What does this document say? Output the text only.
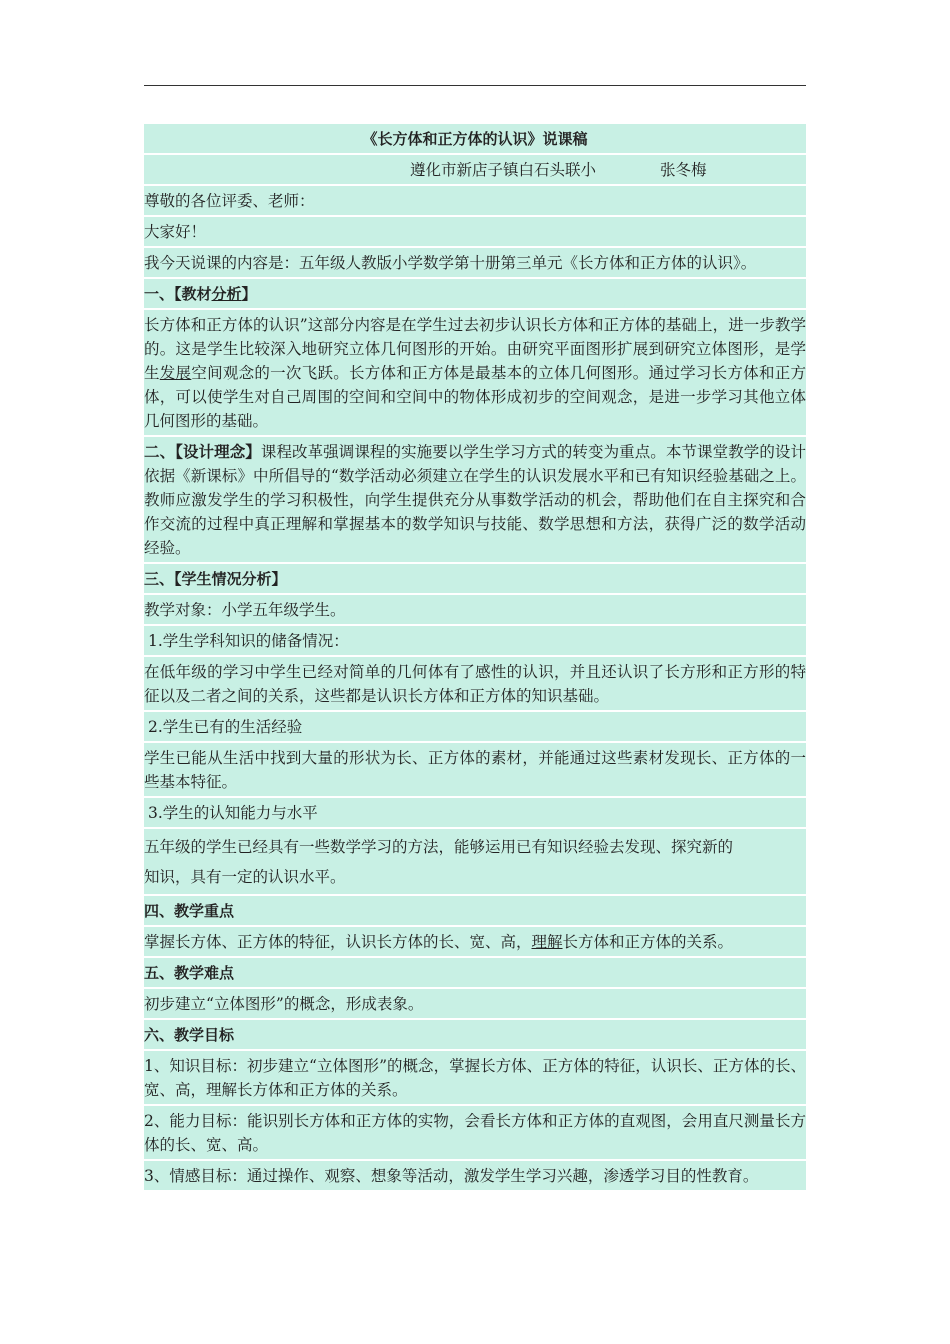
《长方体和正方体的认识》说课稿
遵化市新店子镇白石头联小	张冬梅
尊敬的各位评委、老师：
大家好！
我今天说课的内容是：五年级人教版小学数学第十册第三单元《长方体和正方体的认识》。
一、【教材分析】
长方体和正方体的认识”这部分内容是在学生过去初步认识长方体和正方体的基础上，进一步教学的。这是学生比较深入地研究立体几何图形的开始。由研究平面图形扩展到研究立体图形，是学生发展空间观念的一次飞跃。长方体和正方体是最基本的立体几何图形。通过学习长方体和正方体，可以使学生对自己周围的空间和空间中的物体形成初步的空间观念，是进一步学习其他立体几何图形的基础。
二、【设计理念】课程改革强调课程的实施要以学生学习方式的转变为重点。本节课堂教学的设计依据《新课标》中所倡导的“数学活动必须建立在学生的认识发展水平和已有知识经验基础之上。教师应激发学生的学习积极性，向学生提供充分从事数学活动的机会，帮助他们在自主探究和合作交流的过程中真正理解和掌握基本的数学知识与技能、数学思想和方法，获得广泛的数学活动经验。
三、【学生情况分析】
教学对象：小学五年级学生。
1.学生学科知识的储备情况：
在低年级的学习中学生已经对简单的几何体有了感性的认识，并且还认识了长方形和正方形的特征以及二者之间的关系，这些都是认识长方体和正方体的知识基础。
2.学生已有的生活经验
学生已能从生活中找到大量的形状为长、正方体的素材，并能通过这些素材发现长、正方体的一些基本特征。
3.学生的认知能力与水平
五年级的学生已经具有一些数学学习的方法，能够运用已有知识经验去发现、探究新的
知识，具有一定的认识水平。
四、教学重点
掌握长方体、正方体的特征，认识长方体的长、宽、高，理解长方体和正方体的关系。
五、教学难点
初步建立“立体图形”的概念，形成表象。
六、教学目标
1、知识目标：初步建立“立体图形”的概念，掌握长方体、正方体的特征，认识长、正方体的长、宽、高，理解长方体和正方体的关系。
2、能力目标：能识别长方体和正方体的实物，会看长方体和正方体的直观图，会用直尺测量长方体的长、宽、高。
3、情感目标：通过操作、观察、想象等活动，激发学生学习兴趣，渗透学习目的性教育。
